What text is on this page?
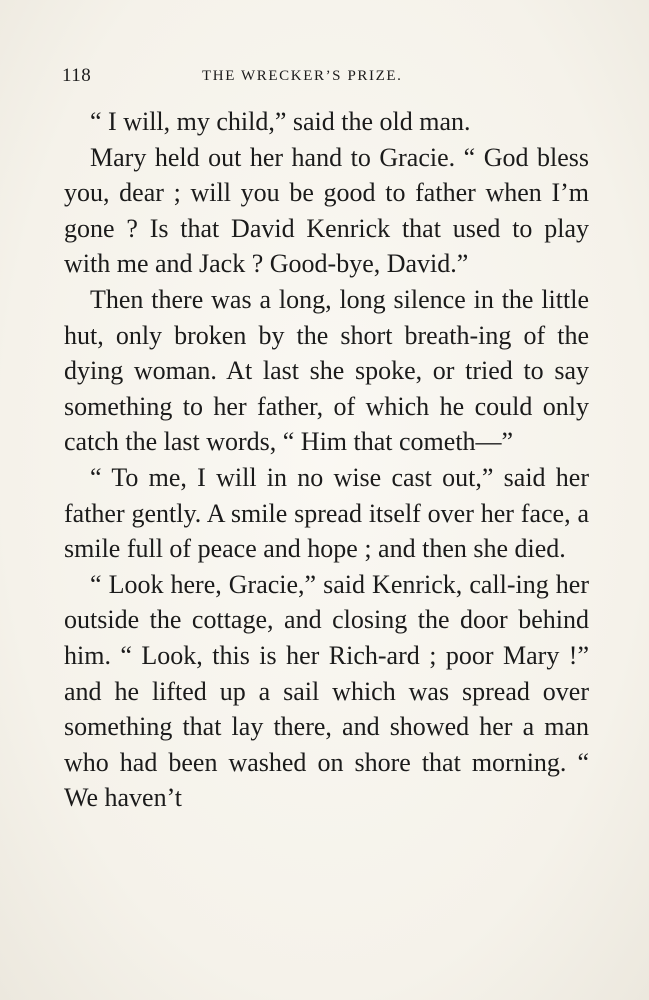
118	THE WRECKER’S PRIZE.

“ I will, my child,” said the old man.

Mary held out her hand to Gracie. “ God bless you, dear ; will you be good to father when I’m gone ? Is that David Kenrick that used to play with me and Jack ? Good-bye, David.”

Then there was a long, long silence in the little hut, only broken by the short breath-ing of the dying woman. At last she spoke, or tried to say something to her father, of which he could only catch the last words, “ Him that cometh—”

“ To me, I will in no wise cast out,” said her father gently. A smile spread itself over her face, a smile full of peace and hope ; and then she died.

“ Look here, Gracie,” said Kenrick, call-ing her outside the cottage, and closing the door behind him. “ Look, this is her Rich-ard ; poor Mary !” and he lifted up a sail which was spread over something that lay there, and showed her a man who had been washed on shore that morning. “ We haven’t
